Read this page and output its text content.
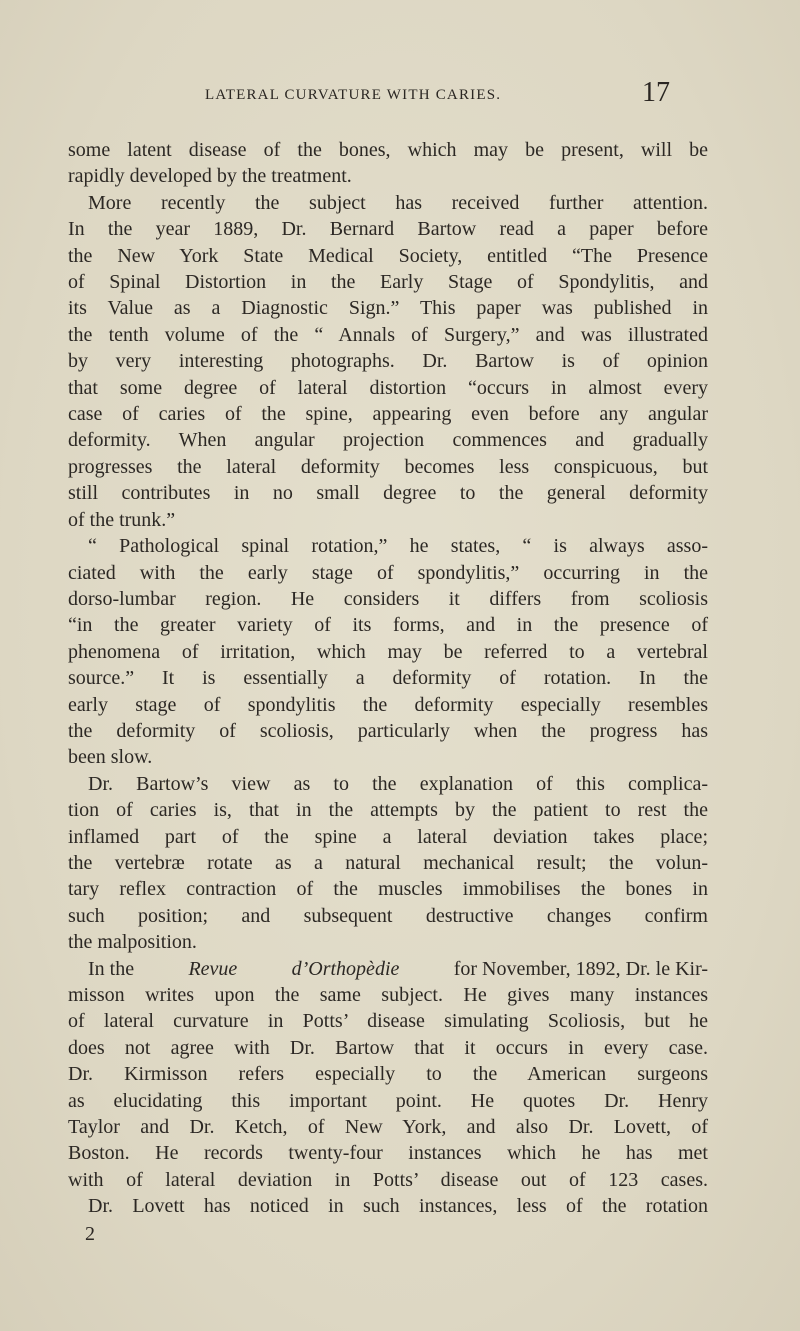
LATERAL CURVATURE WITH CARIES.	17
some latent disease of the bones, which may be present, will be
rapidly developed by the treatment.
More recently the subject has received further attention.
In the year 1889, Dr. Bernard Bartow read a paper before
the New York State Medical Society, entitled “The Presence
of Spinal Distortion in the Early Stage of Spondylitis, and
its Value as a Diagnostic Sign.” This paper was published in
the tenth volume of the “ Annals of Surgery,” and was illustrated
by very interesting photographs. Dr. Bartow is of opinion
that some degree of lateral distortion “occurs in almost every
case of caries of the spine, appearing even before any angular
deformity. When angular projection commences and gradually
progresses the lateral deformity becomes less conspicuous, but
still contributes in no small degree to the general deformity
of the trunk.”
“ Pathological spinal rotation,” he states, “ is always asso-
ciated with the early stage of spondylitis,” occurring in the
dorso-lumbar region. He considers it differs from scoliosis
“in the greater variety of its forms, and in the presence of
phenomena of irritation, which may be referred to a vertebral
source.” It is essentially a deformity of rotation. In the
early stage of spondylitis the deformity especially resembles
the deformity of scoliosis, particularly when the progress has
been slow.
Dr. Bartow’s view as to the explanation of this complica-
tion of caries is, that in the attempts by the patient to rest the
inflamed part of the spine a lateral deviation takes place;
the vertebræ rotate as a natural mechanical result; the volun-
tary reflex contraction of the muscles immobilises the bones in
such position; and subsequent destructive changes confirm
the malposition.
In the	Revue d’Orthopèdie	for November, 1892, Dr. le Kir-
misson writes upon the same subject. He gives many instances
of lateral curvature in Potts’ disease simulating Scoliosis, but he
does not agree with Dr. Bartow that it occurs in every case.
Dr. Kirmisson refers especially to the American surgeons
as elucidating this important point. He quotes Dr. Henry
Taylor and Dr. Ketch, of New York, and also Dr. Lovett, of
Boston. He records twenty-four instances which he has met
with of lateral deviation in Potts’ disease out of 123 cases.
Dr. Lovett has noticed in such instances, less of the rotation
2
